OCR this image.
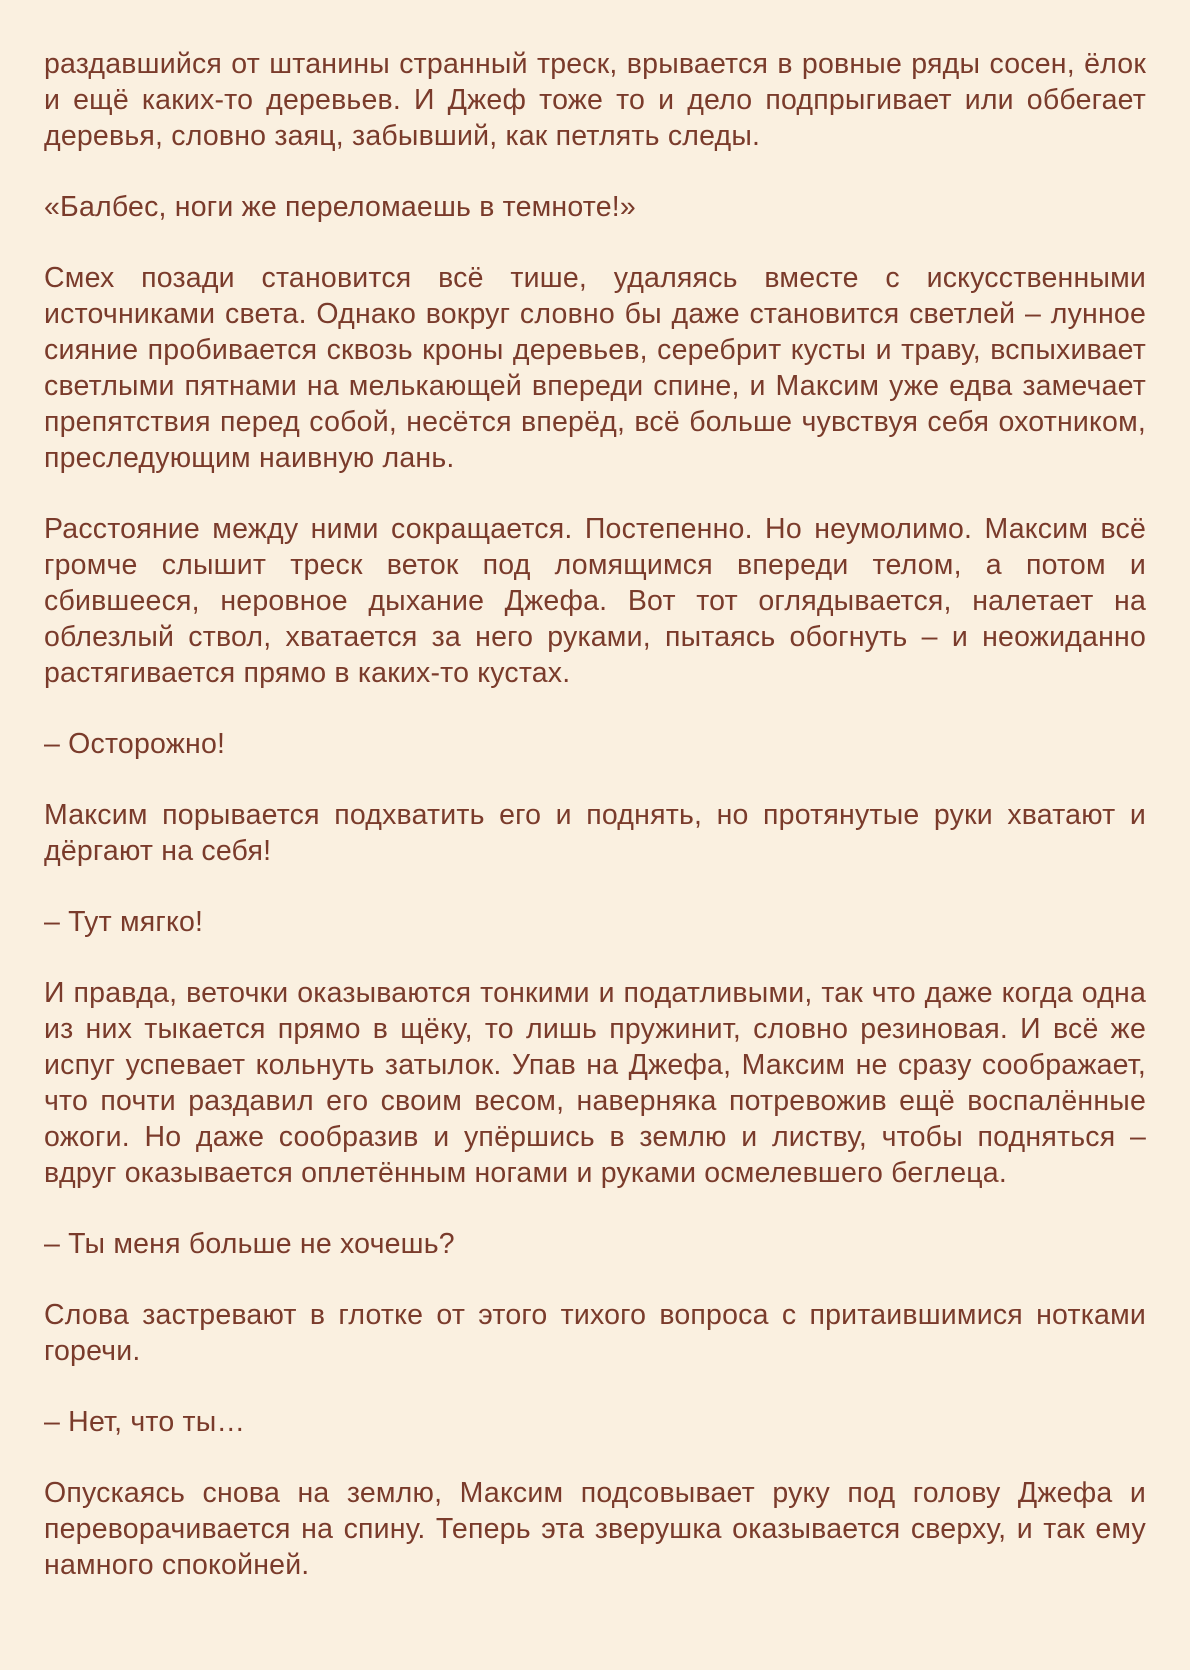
раздавшийся от штанины странный треск, врывается в ровные ряды сосен, ёлок и ещё каких-то деревьев. И Джеф тоже то и дело подпрыгивает или оббегает деревья, словно заяц, забывший, как петлять следы.

«Балбес, ноги же переломаешь в темноте!»

Смех позади становится всё тише, удаляясь вместе с искусственными источниками света. Однако вокруг словно бы даже становится светлей – лунное сияние пробивается сквозь кроны деревьев, серебрит кусты и траву, вспыхивает светлыми пятнами на мелькающей впереди спине, и Максим уже едва замечает препятствия перед собой, несётся вперёд, всё больше чувствуя себя охотником, преследующим наивную лань.

Расстояние между ними сокращается. Постепенно. Но неумолимо. Максим всё громче слышит треск веток под ломящимся впереди телом, а потом и сбившееся, неровное дыхание Джефа. Вот тот оглядывается, налетает на облезлый ствол, хватается за него руками, пытаясь обогнуть – и неожиданно растягивается прямо в каких-то кустах.

– Осторожно!

Максим порывается подхватить его и поднять, но протянутые руки хватают и дёргают на себя!

– Тут мягко!

И правда, веточки оказываются тонкими и податливыми, так что даже когда одна из них тыкается прямо в щёку, то лишь пружинит, словно резиновая. И всё же испуг успевает кольнуть затылок. Упав на Джефа, Максим не сразу соображает, что почти раздавил его своим весом, наверняка потревожив ещё воспалённые ожоги. Но даже сообразив и упёршись в землю и листву, чтобы подняться – вдруг оказывается оплетённым ногами и руками осмелевшего беглеца.

– Ты меня больше не хочешь?

Слова застревают в глотке от этого тихого вопроса с притаившимися нотками горечи.

– Нет, что ты…

Опускаясь снова на землю, Максим подсовывает руку под голову Джефа и переворачивается на спину. Теперь эта зверушка оказывается сверху, и так ему намного спокойней.
